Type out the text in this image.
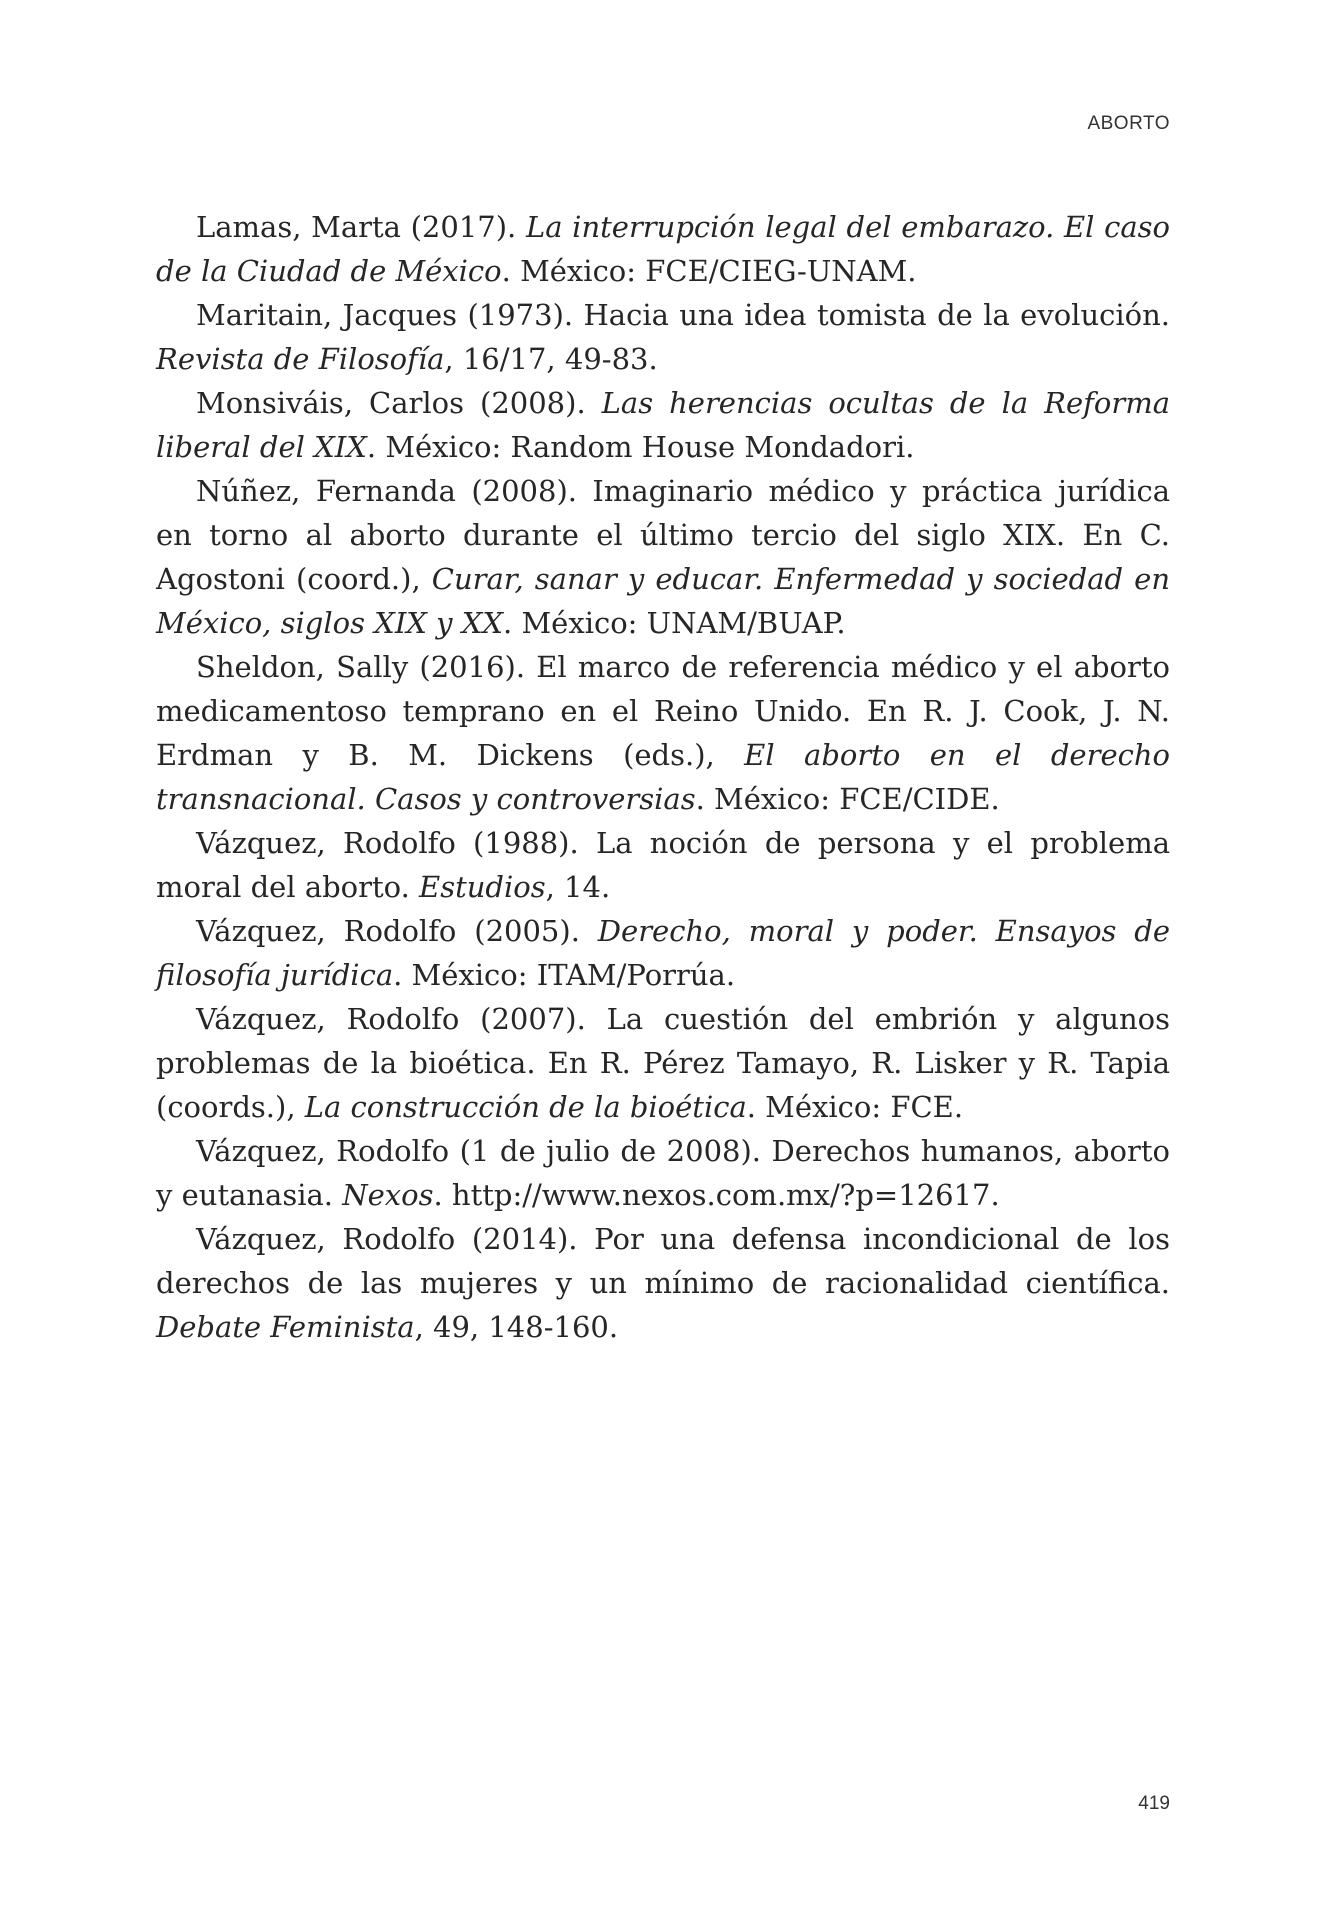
ABORTO
Lamas, Marta (2017). La interrupción legal del embarazo. El caso de la Ciudad de México. México: FCE/CIEG-UNAM.
Maritain, Jacques (1973). Hacia una idea tomista de la evolución. Revista de Filosofía, 16/17, 49-83.
Monsiváis, Carlos (2008). Las herencias ocultas de la Reforma liberal del XIX. México: Random House Mondadori.
Núñez, Fernanda (2008). Imaginario médico y práctica jurídica en torno al aborto durante el último tercio del siglo XIX. En C. Agostoni (coord.), Curar, sanar y educar. Enfermedad y sociedad en México, siglos XIX y XX. México: UNAM/BUAP.
Sheldon, Sally (2016). El marco de referencia médico y el aborto medicamentoso temprano en el Reino Unido. En R. J. Cook, J. N. Erdman y B. M. Dickens (eds.), El aborto en el derecho transnacional. Casos y controversias. México: FCE/CIDE.
Vázquez, Rodolfo (1988). La noción de persona y el problema moral del aborto. Estudios, 14.
Vázquez, Rodolfo (2005). Derecho, moral y poder. Ensayos de filosofía jurídica. México: ITAM/Porrúa.
Vázquez, Rodolfo (2007). La cuestión del embrión y algunos problemas de la bioética. En R. Pérez Tamayo, R. Lisker y R. Tapia (coords.), La construcción de la bioética. México: FCE.
Vázquez, Rodolfo (1 de julio de 2008). Derechos humanos, aborto y eutanasia. Nexos. http://www.nexos.com.mx/?p=12617.
Vázquez, Rodolfo (2014). Por una defensa incondicional de los derechos de las mujeres y un mínimo de racionalidad científica. Debate Feminista, 49, 148-160.
419
